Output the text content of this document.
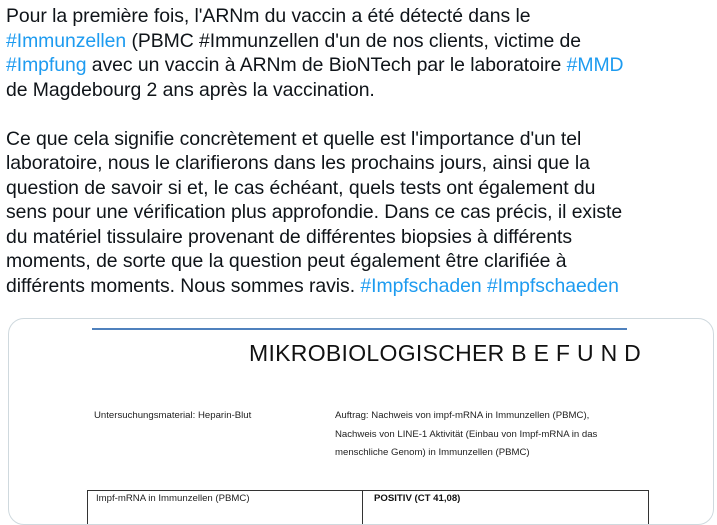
Pour la première fois, l'ARNm du vaccin a été détecté dans le
#Immunzellen (PBMC #Immunzellen d'un de nos clients, victime de
#Impfung avec un vaccin à ARNm de BioNTech par le laboratoire #MMD
de Magdebourg 2 ans après la vaccination.
Ce que cela signifie concrètement et quelle est l'importance d'un tel
laboratoire, nous le clarifierons dans les prochains jours, ainsi que la
question de savoir si et, le cas échéant, quels tests ont également du
sens pour une vérification plus approfondie. Dans ce cas précis, il existe
du matériel tissulaire provenant de différentes biopsies à différents
moments, de sorte que la question peut également être clarifiée à
différents moments. Nous sommes ravis. #Impfschaden #Impfschaeden
MIKROBIOLOGISCHER B E F U N D
Untersuchungsmaterial: Heparin-Blut	Auftrag: Nachweis von impf-mRNA in Immunzellen (PBMC),
Nachweis von LINE-1 Aktivität (Einbau von Impf-mRNA in das
menschliche Genom) in Immunzellen (PBMC)
Impf-mRNA in Immunzellen (PBMC)	POSITIV (CT 41,08)
